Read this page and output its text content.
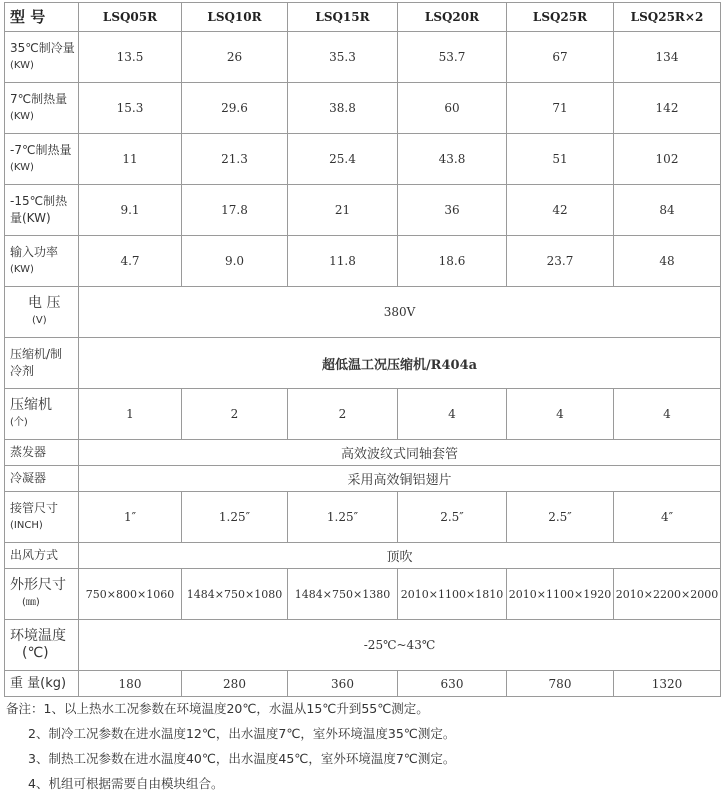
型 号	LSQ05R	LSQ10R	LSQ15R	LSQ20R	LSQ25R	LSQ25R×2

35℃制冷量
(KW)	13.5	26	35.3	53.7	67	134

7℃制热量
(KW)	15.3	29.6	38.8	60	71	142

-7℃制热量
(KW)	11	21.3	25.4	43.8	51	102

-15℃制热
量(KW)	9.1	17.8	21	36	42	84

输入功率
(KW)	4.7	9.0	11.8	18.6	23.7	48

电 压
(V)	380V					

压缩机/制
冷剂	超低温工况压缩机/R404a					

压缩机
(个)	1	2	2	4	4	4
蒸发器	高效波纹式同轴套管					
冷凝器	采用高效铜铝翅片					

接管尺寸
(INCH)	1″	1.25″	1.25″	2.5″	2.5″	4″
出风方式	顶吹					

外形尺寸
(㎜)	750×800×1060	1484×750×1080	1484×750×1380	2010×1100×1810	2010×1100×1920	2010×2200×2000

环境温度
(℃)	-25℃~43℃					
重 量(kg)	180	280	360	630	780	1320
备注：1、以上热水工况参数在环境温度20℃，水温从15℃升到55℃测定。
2、制冷工况参数在进水温度12℃，出水温度7℃，室外环境温度35℃测定。
3、制热工况参数在进水温度40℃，出水温度45℃，室外环境温度7℃测定。
4、机组可根据需要自由模块组合。
